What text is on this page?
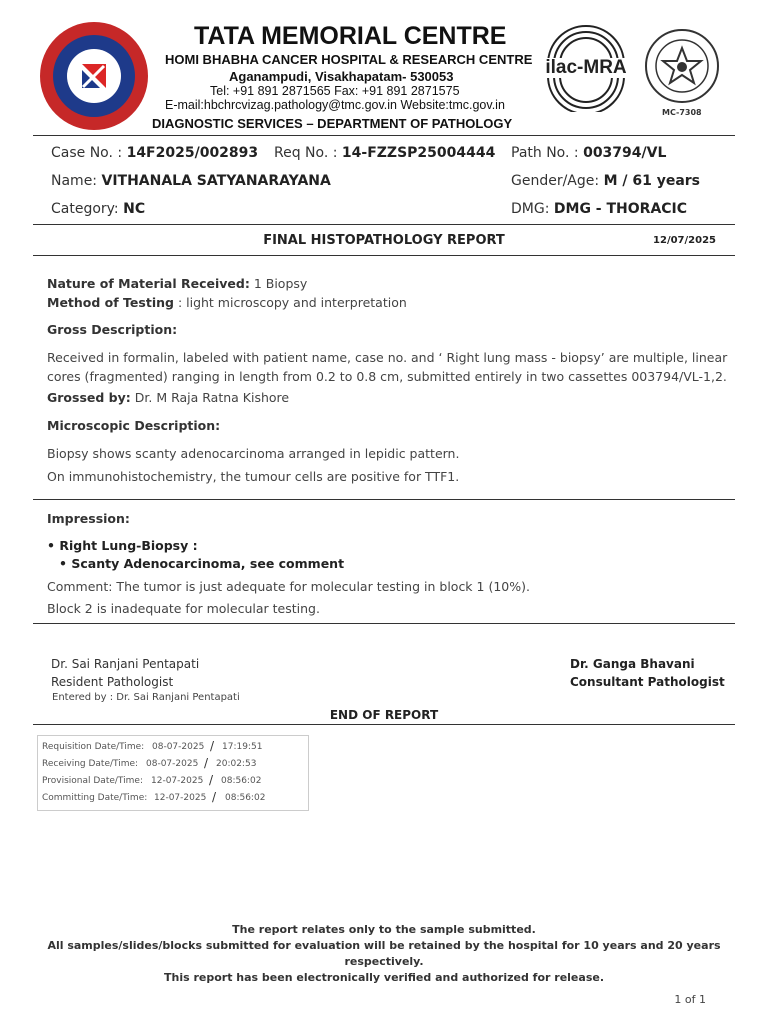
ilac-MRA
MC-7308
TATA MEMORIAL CENTRE
HOMI BHABHA CANCER HOSPITAL & RESEARCH CENTRE
Aganampudi, Visakhapatam- 530053
Tel: +91 891 2871565 Fax: +91 891 2871575
E-mail:hbchrcvizag.pathology@tmc.gov.in Website:tmc.gov.in
DIAGNOSTIC SERVICES – DEPARTMENT OF PATHOLOGY
Case No. : 14F2025/002893 Req No. : 14-FZZSP25004444 Path No. : 003794/VL
Name: VITHANALA SATYANARAYANA	Gender/Age: M / 61 years
Category: NC	DMG: DMG - THORACIC
FINAL HISTOPATHOLOGY REPORT	12/07/2025
Nature of Material Received: 1 Biopsy
Method of Testing : light microscopy and interpretation
Gross Description:
Received in formalin, labeled with patient name, case no. and ‘ Right lung mass - biopsy’ are multiple, linear cores (fragmented) ranging in length from 0.2 to 0.8 cm, submitted entirely in two cassettes 003794/VL-1,2.
Grossed by: Dr. M Raja Ratna Kishore
Microscopic Description:
Biopsy shows scanty adenocarcinoma arranged in lepidic pattern.
On immunohistochemistry, the tumour cells are positive for TTF1.
Impression:
• Right Lung-Biopsy :
• Scanty Adenocarcinoma, see comment
Comment: The tumor is just adequate for molecular testing in block 1 (10%).
Block 2 is inadequate for molecular testing.
Dr. Sai Ranjani Pentapati
Resident Pathologist
Entered by : Dr. Sai Ranjani Pentapati
Dr. Ganga Bhavani
Consultant Pathologist
END OF REPORT
Requisition Date/Time: 08-07-2025 / 17:19:51
Receiving Date/Time: 08-07-2025 / 20:02:53
Provisional Date/Time: 12-07-2025 / 08:56:02
Committing Date/Time: 12-07-2025 / 08:56:02
The report relates only to the sample submitted.
All samples/slides/blocks submitted for evaluation will be retained by the hospital for 10 years and 20 years
respectively.
This report has been electronically verified and authorized for release.
1 of 1
